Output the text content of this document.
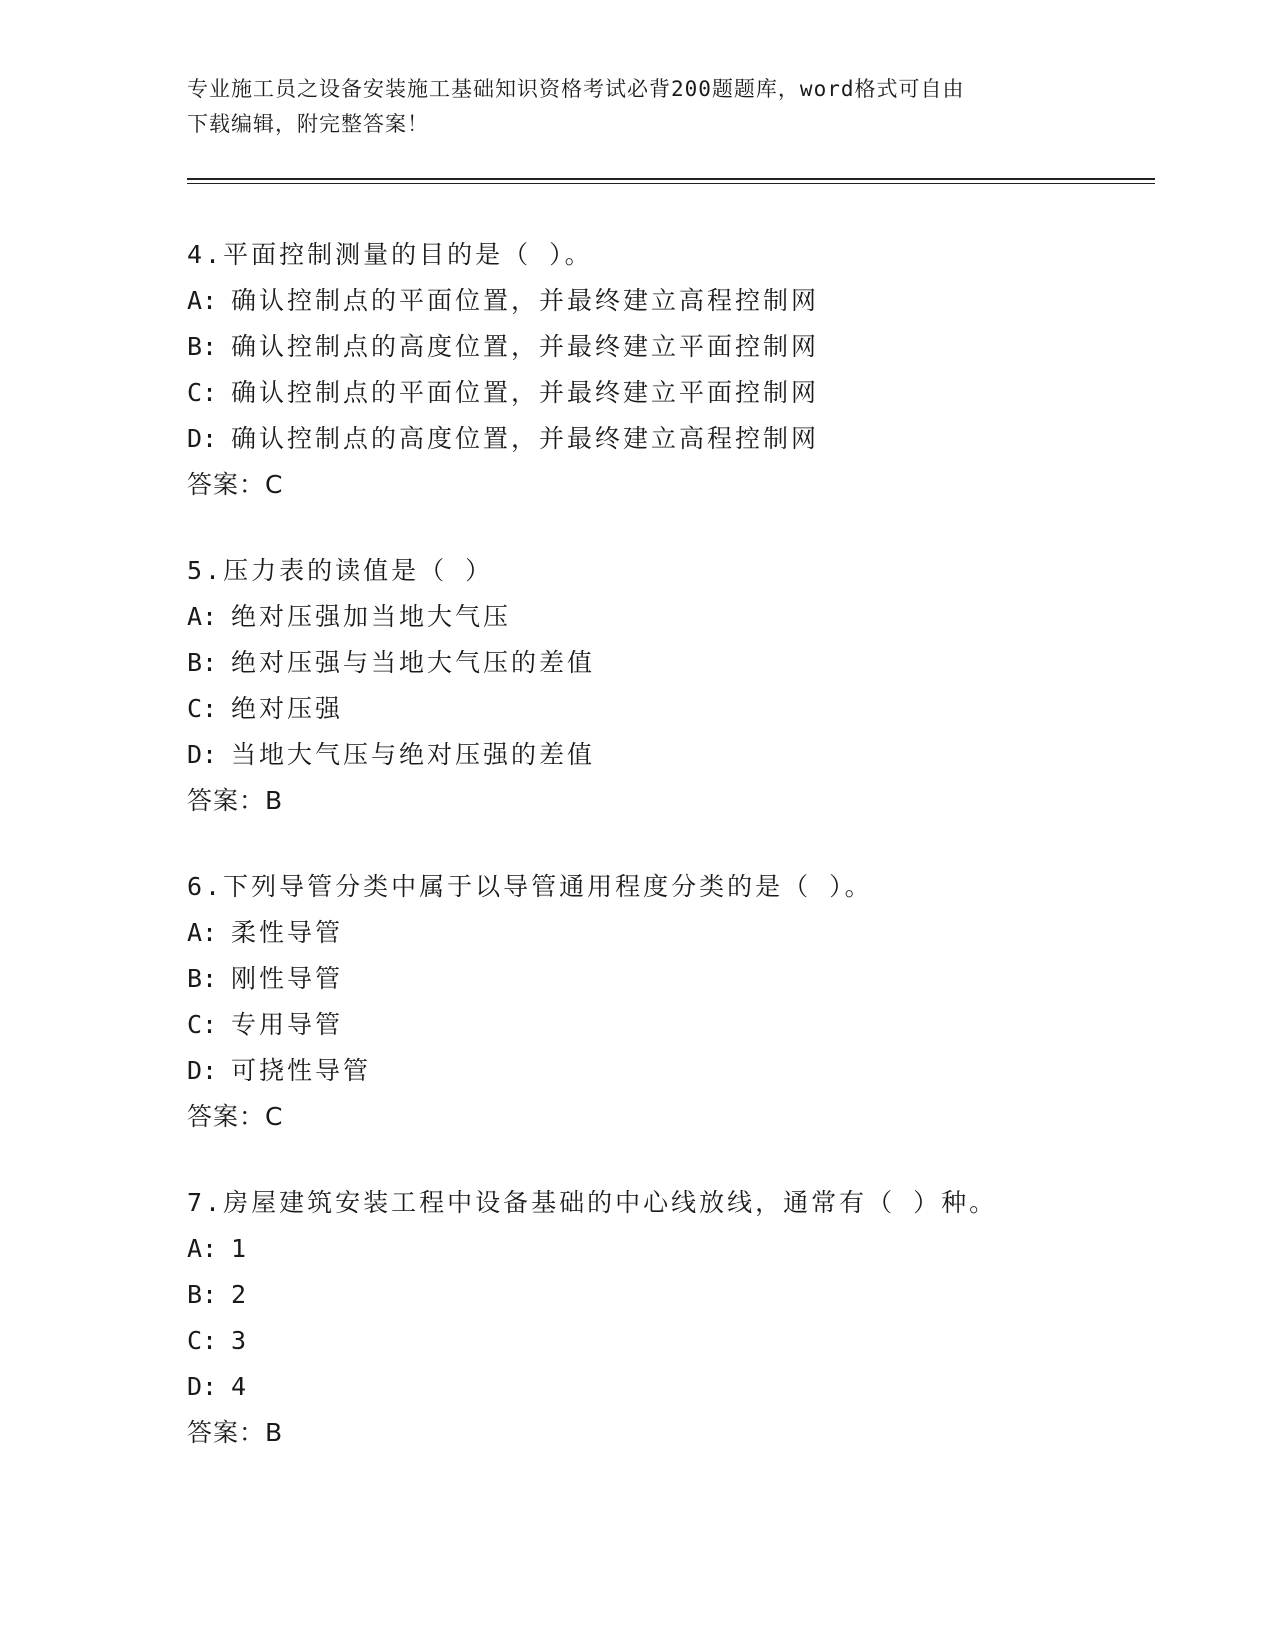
专业施工员之设备安装施工基础知识资格考试必背200题题库，word格式可自由
下载编辑，附完整答案！
4.平面控制测量的目的是（ ）。
A: 确认控制点的平面位置，并最终建立高程控制网
B: 确认控制点的高度位置，并最终建立平面控制网
C: 确认控制点的平面位置，并最终建立平面控制网
D: 确认控制点的高度位置，并最终建立高程控制网
答案：C
5.压力表的读值是（ ）
A: 绝对压强加当地大气压
B: 绝对压强与当地大气压的差值
C: 绝对压强
D: 当地大气压与绝对压强的差值
答案：B
6.下列导管分类中属于以导管通用程度分类的是（ ）。
A: 柔性导管
B: 刚性导管
C: 专用导管
D: 可挠性导管
答案：C
7.房屋建筑安装工程中设备基础的中心线放线，通常有（ ）种。
A: 1
B: 2
C: 3
D: 4
答案：B
